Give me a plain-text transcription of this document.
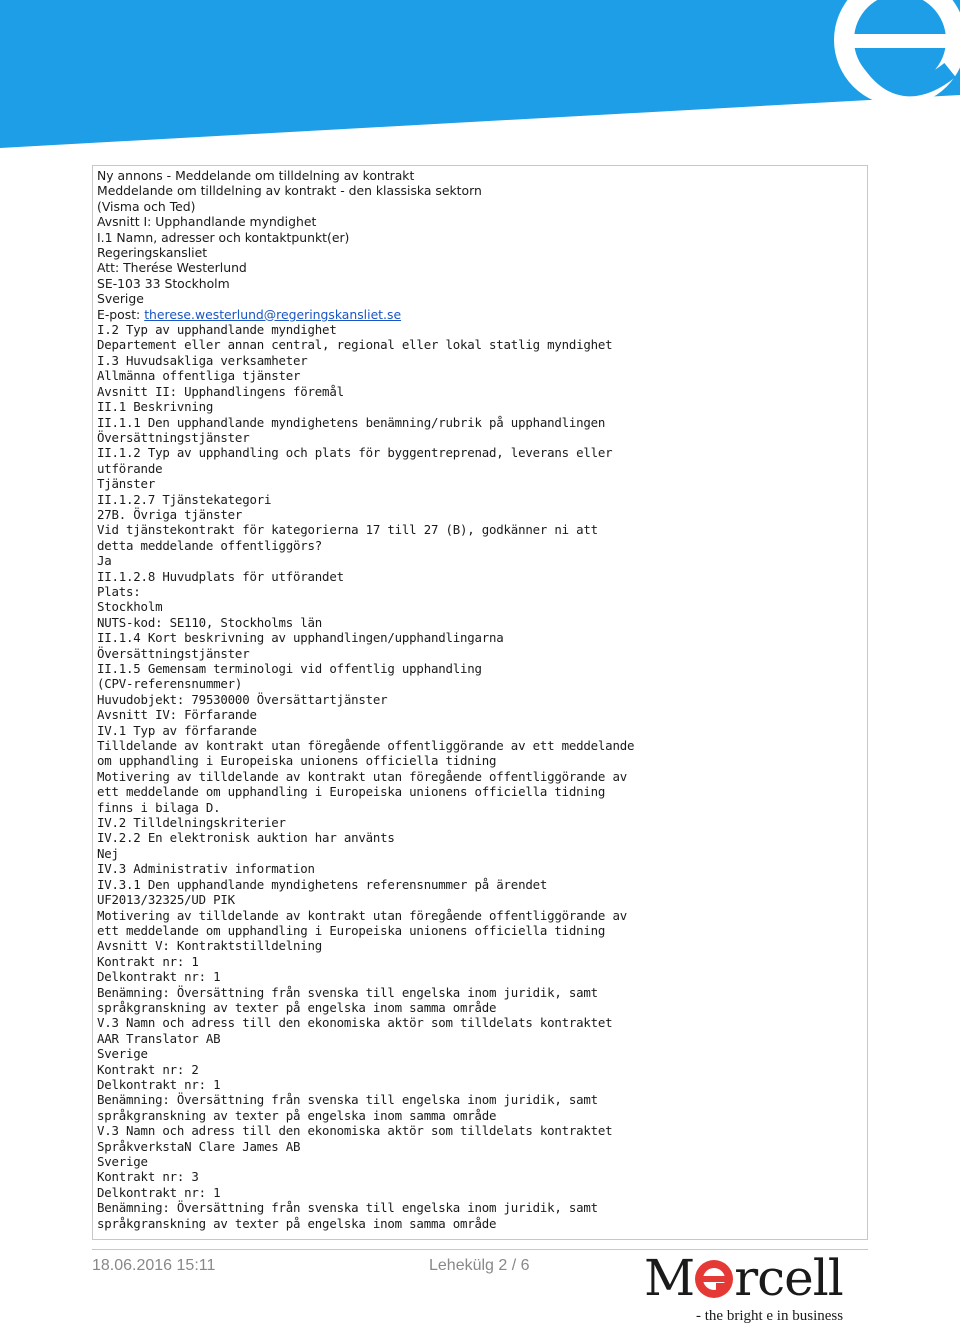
Ny annons - Meddelande om tilldelning av kontrakt
Meddelande om tilldelning av kontrakt - den klassiska sektorn
(Visma och Ted)
Avsnitt I: Upphandlande myndighet
I.1 Namn, adresser och kontaktpunkt(er)
Regeringskansliet
Att: Therése Westerlund
SE-103 33 Stockholm
Sverige
E-post: therese.westerlund@regeringskansliet.se
I.2 Typ av upphandlande myndighet
Departement eller annan central, regional eller lokal statlig myndighet
I.3 Huvudsakliga verksamheter
Allmänna offentliga tjänster
Avsnitt II: Upphandlingens föremål
II.1 Beskrivning
II.1.1 Den upphandlande myndighetens benämning/rubrik på upphandlingen
Översättningstjänster
II.1.2 Typ av upphandling och plats för byggentreprenad, leverans eller
utförande
Tjänster
II.1.2.7 Tjänstekategori
27B. Övriga tjänster
Vid tjänstekontrakt för kategorierna 17 till 27 (B), godkänner ni att
detta meddelande offentliggörs?
Ja
II.1.2.8 Huvudplats för utförandet
Plats:
Stockholm
NUTS-kod: SE110, Stockholms län
II.1.4 Kort beskrivning av upphandlingen/upphandlingarna
Översättningstjänster
II.1.5 Gemensam terminologi vid offentlig upphandling
(CPV-referensnummer)
Huvudobjekt: 79530000 Översättartjänster
Avsnitt IV: Förfarande
IV.1 Typ av förfarande
Tilldelande av kontrakt utan föregående offentliggörande av ett meddelande
om upphandling i Europeiska unionens officiella tidning
Motivering av tilldelande av kontrakt utan föregående offentliggörande av
ett meddelande om upphandling i Europeiska unionens officiella tidning
finns i bilaga D.
IV.2 Tilldelningskriterier
IV.2.2 En elektronisk auktion har använts
Nej
IV.3 Administrativ information
IV.3.1 Den upphandlande myndighetens referensnummer på ärendet
UF2013/32325/UD PIK
Motivering av tilldelande av kontrakt utan föregående offentliggörande av
ett meddelande om upphandling i Europeiska unionens officiella tidning
Avsnitt V: Kontraktstilldelning
Kontrakt nr: 1
Delkontrakt nr: 1
Benämning: Översättning från svenska till engelska inom juridik, samt
språkgranskning av texter på engelska inom samma område
V.3 Namn och adress till den ekonomiska aktör som tilldelats kontraktet
AAR Translator AB
Sverige
Kontrakt nr: 2
Delkontrakt nr: 1
Benämning: Översättning från svenska till engelska inom juridik, samt
språkgranskning av texter på engelska inom samma område
V.3 Namn och adress till den ekonomiska aktör som tilldelats kontraktet
SpråkverkstaN Clare James AB
Sverige
Kontrakt nr: 3
Delkontrakt nr: 1
Benämning: Översättning från svenska till engelska inom juridik, samt
språkgranskning av texter på engelska inom samma område
18.06.2016 15:11	Lehekülg 2 / 6 M rcell
- the bright e in business
